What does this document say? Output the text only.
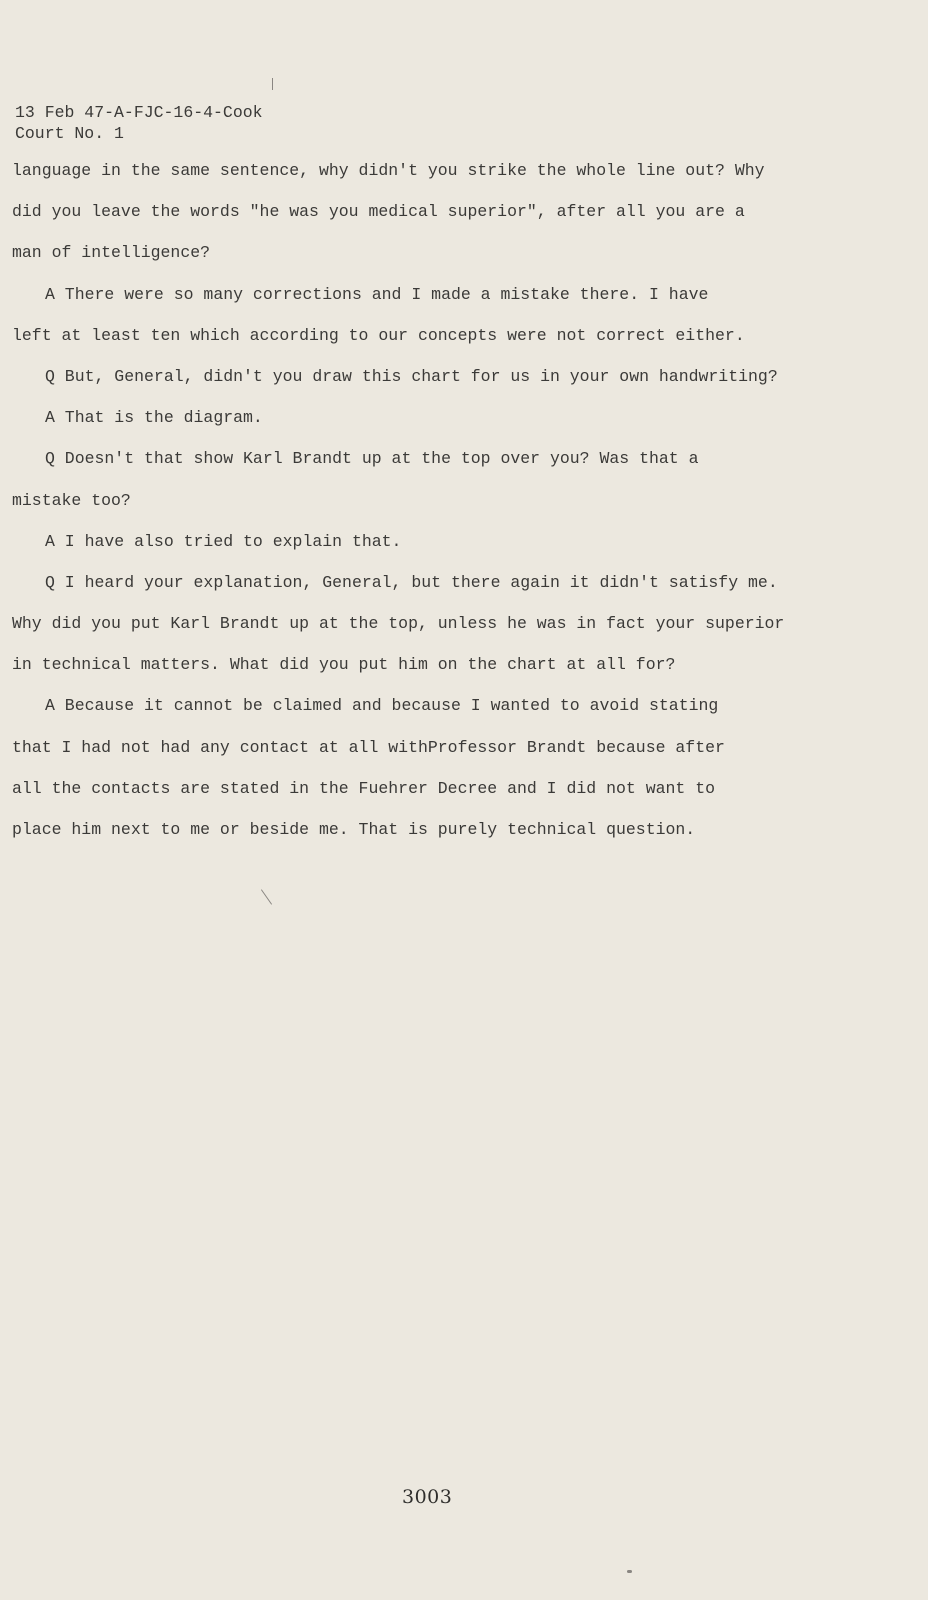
13 Feb 47-A-FJC-16-4-Cook
Court No. 1
language in the same sentence, why didn't you strike the whole line out? Why
did you leave the words "he was you medical superior", after all you are a
man of intelligence?
A There were so many corrections and I made a mistake there. I have
left at least ten which according to our concepts were not correct either.
Q But, General, didn't you draw this chart for us in your own handwriting?
A That is the diagram.
Q Doesn't that show Karl Brandt up at the top over you? Was that a
mistake too?
A I have also tried to explain that.
Q I heard your explanation, General, but there again it didn't satisfy me.
Why did you put Karl Brandt up at the top, unless he was in fact your superior
in technical matters. What did you put him on the chart at all for?
A Because it cannot be claimed and because I wanted to avoid stating
that I had not had any contact at all withProfessor Brandt because after
all the contacts are stated in the Fuehrer Decree and I did not want to
place him next to me or beside me. That is purely technical question.
3003
